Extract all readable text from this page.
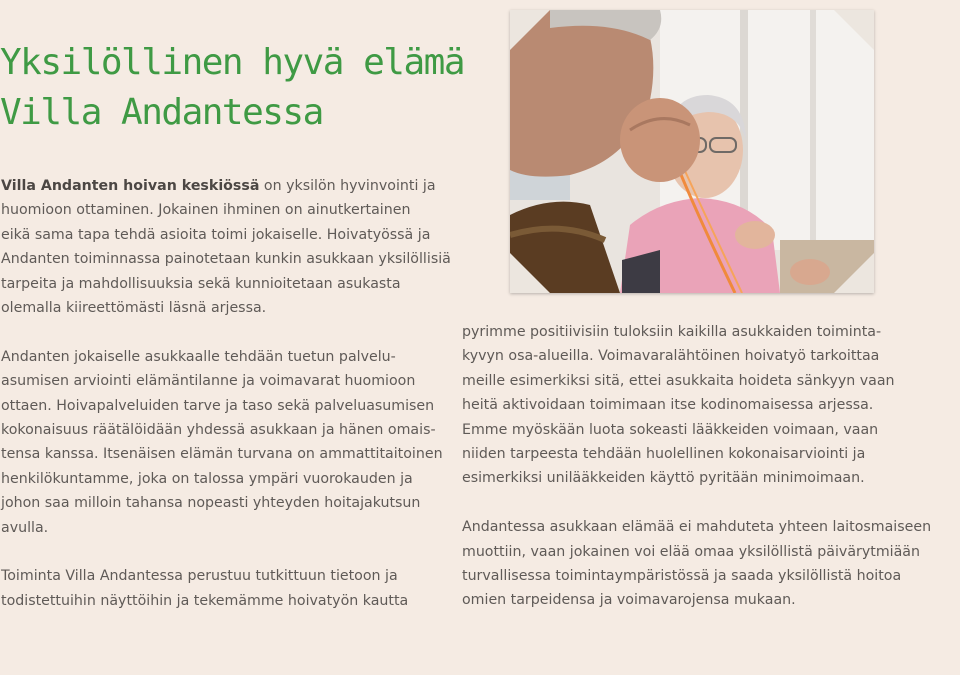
Yksilöllinen hyvä elämä
Villa Andantessa

Villa Andanten hoivan keskiössä on yksilön hyvinvointi ja
huomioon ottaminen. Jokainen ihminen on ainutkertainen
eikä sama tapa tehdä asioita toimi jokaiselle. Hoivatyössä ja
Andanten toiminnassa painotetaan kunkin asukkaan yksilöllisiä
tarpeita ja mahdollisuuksia sekä kunnioitetaan asukasta
olemalla kiireettömästi läsnä arjessa.

Andanten jokaiselle asukkaalle tehdään tuetun palvelu-
asumisen arviointi elämäntilanne ja voimavarat huomioon
ottaen. Hoivapalveluiden tarve ja taso sekä palveluasumisen
kokonaisuus räätälöidään yhdessä asukkaan ja hänen omais-
tensa kanssa. Itsenäisen elämän turvana on ammattitaitoinen
henkilökuntamme, joka on talossa ympäri vuorokauden ja
johon saa milloin tahansa nopeasti yhteyden hoitajakutsun
avulla.

Toiminta Villa Andantessa perustuu tutkittuun tietoon ja
todistettuihin näyttöihin ja tekemämme hoivatyön kautta

pyrimme positiivisiin tuloksiin kaikilla asukkaiden toiminta-
kyvyn osa-alueilla. Voimavaralähtöinen hoivatyö tarkoittaa
meille esimerkiksi sitä, ettei asukkaita hoideta sänkyyn vaan
heitä aktivoidaan toimimaan itse kodinomaisessa arjessa.
Emme myöskään luota sokeasti lääkkeiden voimaan, vaan
niiden tarpeesta tehdään huolellinen kokonaisarviointi ja
esimerkiksi unilääkkeiden käyttö pyritään minimoimaan.

Andantessa asukkaan elämää ei mahduteta yhteen laitosmaiseen
muottiin, vaan jokainen voi elää omaa yksilöllistä päivärytmiään
turvallisessa toimintaympäristössä ja saada yksilöllistä hoitoa
omien tarpeidensa ja voimavarojensa mukaan.
